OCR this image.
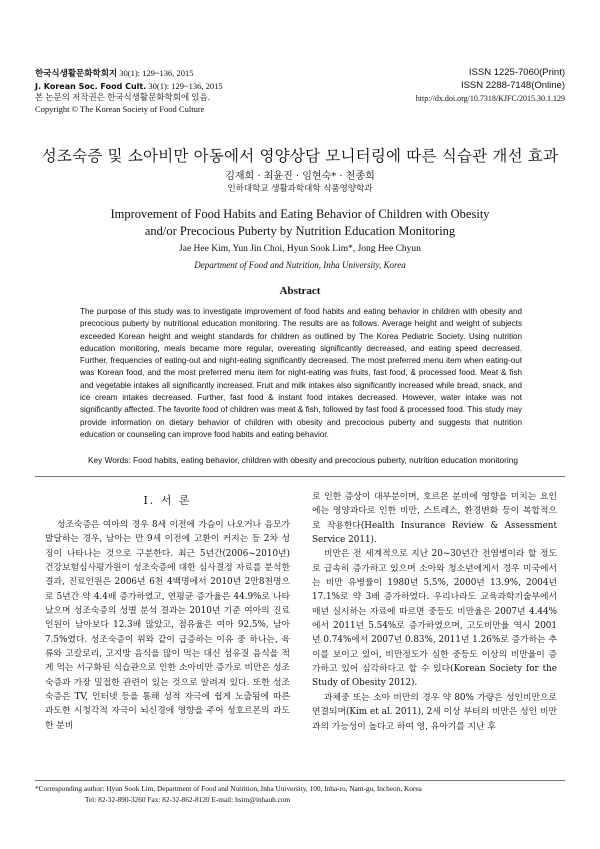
한국식생활문화학회지 30(1): 129~136, 2015
J. Korean Soc. Food Cult. 30(1): 129~136, 2015
본 논문의 저작권은 한국식생활문화학회에 있음.
Copyright © The Korean Society of Food Culture
ISSN 1225-7060(Print)
ISSN 2288-7148(Online)
http://dx.doi.org/10.7318/KJFC/2015.30.1.129
성조숙증 및 소아비만 아동에서 영양상담 모니터링에 따른 식습관 개선 효과
김재희 · 최윤진 · 임현숙* · 천종희
인하대학교 생활과학대학 식품영양학과
Improvement of Food Habits and Eating Behavior of Children with Obesity
and/or Precocious Puberty by Nutrition Education Monitoring
Jae Hee Kim, Yun Jin Choi, Hyun Sook Lim*, Jong Hee Chyun
Department of Food and Nutrition, Inha University, Korea
Abstract
The purpose of this study was to investigate improvement of food habits and eating behavior in children with obesity and precocious puberty by nutritional education monitoring. The results are as follows. Average height and weight of subjects exceeded Korean height and weight standards for children as outlined by The Korea Pediatric Society. Using nutrition education monitoring, meals became more regular, overeating significantly decreased, and eating speed decreased. Further, frequencies of eating-out and night-eating significantly decreased. The most preferred menu item when eating-out was Korean food, and the most preferred menu item for night-eating was fruits, fast food, & processed food. Meat & fish and vegetable intakes all significantly increased. Fruit and milk intakes also significantly increased while bread, snack, and ice cream intakes decreased. Further, fast food & instant food intakes decreased. However, water intake was not significantly affected. The favorite food of children was meat & fish, followed by fast food & processed food. This study may provide information on dietary behavior of children with obesity and precocious puberty and suggests that nutrition education or counseling can improve food habits and eating behavior.
Key Words: Food habits, eating behavior, children with obesity and precocious puberty, nutrition education monitoring
Ⅰ. 서 론

성조숙증은 여아의 경우 8세 이전에 가슴이 나오거나 음모가 발달하는 경우, 남아는 만 9세 이전에 고환이 커지는 등 2차 성징이 나타나는 것으로 구분한다. 최근 5년간(2006~2010년) 건강보험심사평가원이 성조숙증에 대한 심사결정 자료를 분석한 결과, 진료인원은 2006년 6천 4백명에서 2010년 2만8천명으로 5년간 약 4.4배 증가하였고, 연평균 증가율은 44.9%로 나타났으며 성조숙증의 성별 분석 결과는 2010년 기준 여아의 진료인원이 남아보다 12.3배 많았고, 점유율은 여아 92.5%, 남아 7.5%였다. 성조숙증이 위와 같이 급증하는 이유 중 하나는, 육류와 고칼로리, 고지방 음식을 많이 먹는 대신 섬유질 음식을 적게 먹는 서구화된 식습관으로 인한 소아비만 증가로 비만은 성조숙증과 가장 밀접한 관련이 있는 것으로 알려져 있다. 또한 성조숙증은 TV, 인터넷 등을 통해 성적 자극에 쉽게 노출됨에 따른 과도한 시청각적 자극이 뇌신경에 영향을 주어 성호르몬의 과도한 분비

로 인한 증상이 대부분이며, 호르몬 분비에 영향을 미치는 요인에는 영양과다로 인한 비만, 스트레스, 환경변화 등이 복합적으로 작용한다(Health Insurance Review & Assessment Service 2011).

비만은 전 세계적으로 지난 20~30년간 전염병이라 할 정도로 급속히 증가하고 있으며 소아와 청소년에게서 경우 미국에서는 비만 유병률이 1980년 5.5%, 2000년 13.9%, 2004년 17.1%로 약 3배 증가하였다. 우리나라도 교육과학기술부에서 매년 실시하는 자료에 따르면 중등도 비만율은 2007년 4.44%에서 2011년 5.54%로 증가하였으며, 고도비만율 역시 2001년 0.74%에서 2007년 0.83%, 2011년 1.26%로 증가하는 추이를 보이고 있어, 비만정도가 심한 중등도 이상의 비만율이 증가하고 있어 심각하다고 할 수 있다(Korean Society for the Study of Obesity 2012).

과체중 또는 소아 비만의 경우 약 80% 가량은 성인비만으로 연결되며(Kim et al. 2011), 2세 이상 부터의 비만은 성인 비만과의 가능성이 높다고 하여 영, 유아기를 지난 후

*Corresponding author: Hyun Sook Lim, Department of Food and Nutrition, Inha University, 100, Inha-ro, Nam-gu, Incheon, Korea
Tel: 82-32-890-3260 Fax: 82-32-862-8120 E-mail: hsim@inhauh.com
